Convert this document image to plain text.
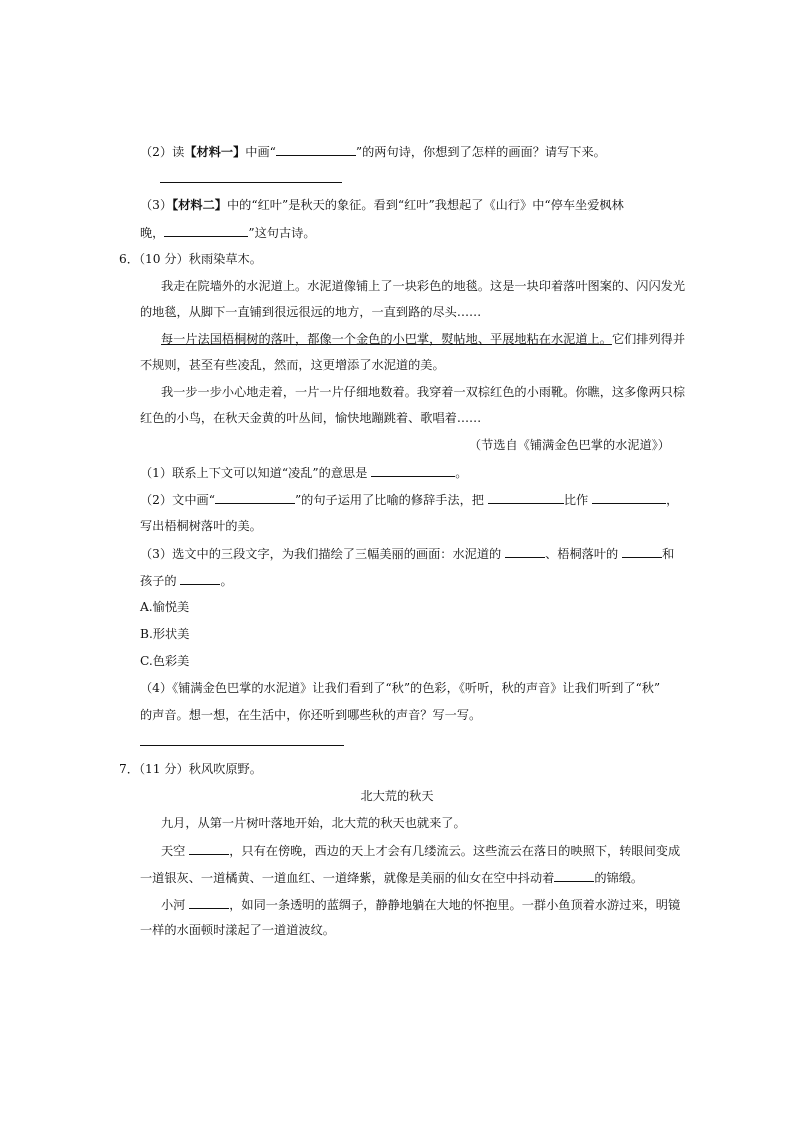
（2）读【材料一】中画“	”的两句诗，你想到了怎样的画面？请写下来。
（3）【材料二】中的“红叶”是秋天的象征。看到“红叶”我想起了《山行》中“停车坐爱枫林
晚，	”这句古诗。
6．（10 分）秋雨染草木。
我走在院墙外的水泥道上。水泥道像铺上了一块彩色的地毯。这是一块印着落叶图案的、闪闪发光
的地毯，从脚下一直铺到很远很远的地方，一直到路的尽头……
每一片法国梧桐树的落叶，都像一个金色的小巴掌，熨帖地、平展地粘在水泥道上。它们排列得并
不规则，甚至有些凌乱，然而，这更增添了水泥道的美。
我一步一步小心地走着，一片一片仔细地数着。我穿着一双棕红色的小雨靴。你瞧，这多像两只棕
红色的小鸟，在秋天金黄的叶丛间，愉快地蹦跳着、歌唱着……
（节选自《铺满金色巴掌的水泥道》）
（1）联系上下文可以知道“凌乱”的意思是	。
（2）文中画“	”的句子运用了比喻的修辞手法，把	比作	，
写出梧桐树落叶的美。
（3）选文中的三段文字，为我们描绘了三幅美丽的画面：水泥道的	、梧桐落叶的	和
孩子的	。
A.愉悦美
B.形状美
C.色彩美
（4）《铺满金色巴掌的水泥道》让我们看到了“秋”的色彩，《听听，秋的声音》让我们听到了“秋”
的声音。想一想，在生活中，你还听到哪些秋的声音？写一写。
7．（11 分）秋风吹原野。
北大荒的秋天
九月，从第一片树叶落地开始，北大荒的秋天也就来了。
天空	，只有在傍晚，西边的天上才会有几缕流云。这些流云在落日的映照下，转眼间变成
一道银灰、一道橘黄、一道血红、一道绛紫，就像是美丽的仙女在空中抖动着	的锦缎。
小河	，如同一条透明的蓝绸子，静静地躺在大地的怀抱里。一群小鱼顶着水游过来，明镜
一样的水面顿时漾起了一道道波纹。
